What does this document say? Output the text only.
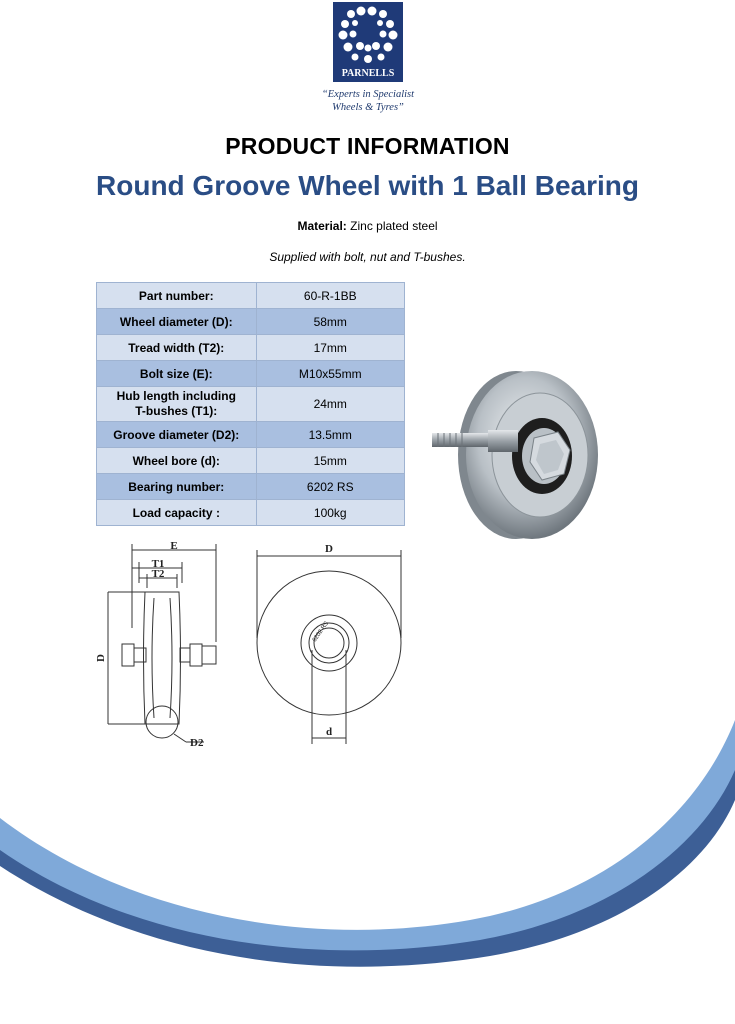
PARNELLS
“Experts in Specialist
Wheels & Tyres”
PRODUCT INFORMATION
Round Groove Wheel with 1 Ball Bearing
Material: Zinc plated steel
Supplied with bolt, nut and T-bushes.
Part number:	60-R-1BB
Wheel diameter (D):	58mm
Tread width (T2):	17mm
Bolt size (E):	M10x55mm

Hub length including
T-bushes (T1):	24mm
Groove diameter (D2):	13.5mm
Wheel bore (d):	15mm
Bearing number:	6202 RS
Load capacity :	100kg
E
T1
T2
D
D2
D
d
6202 RS
